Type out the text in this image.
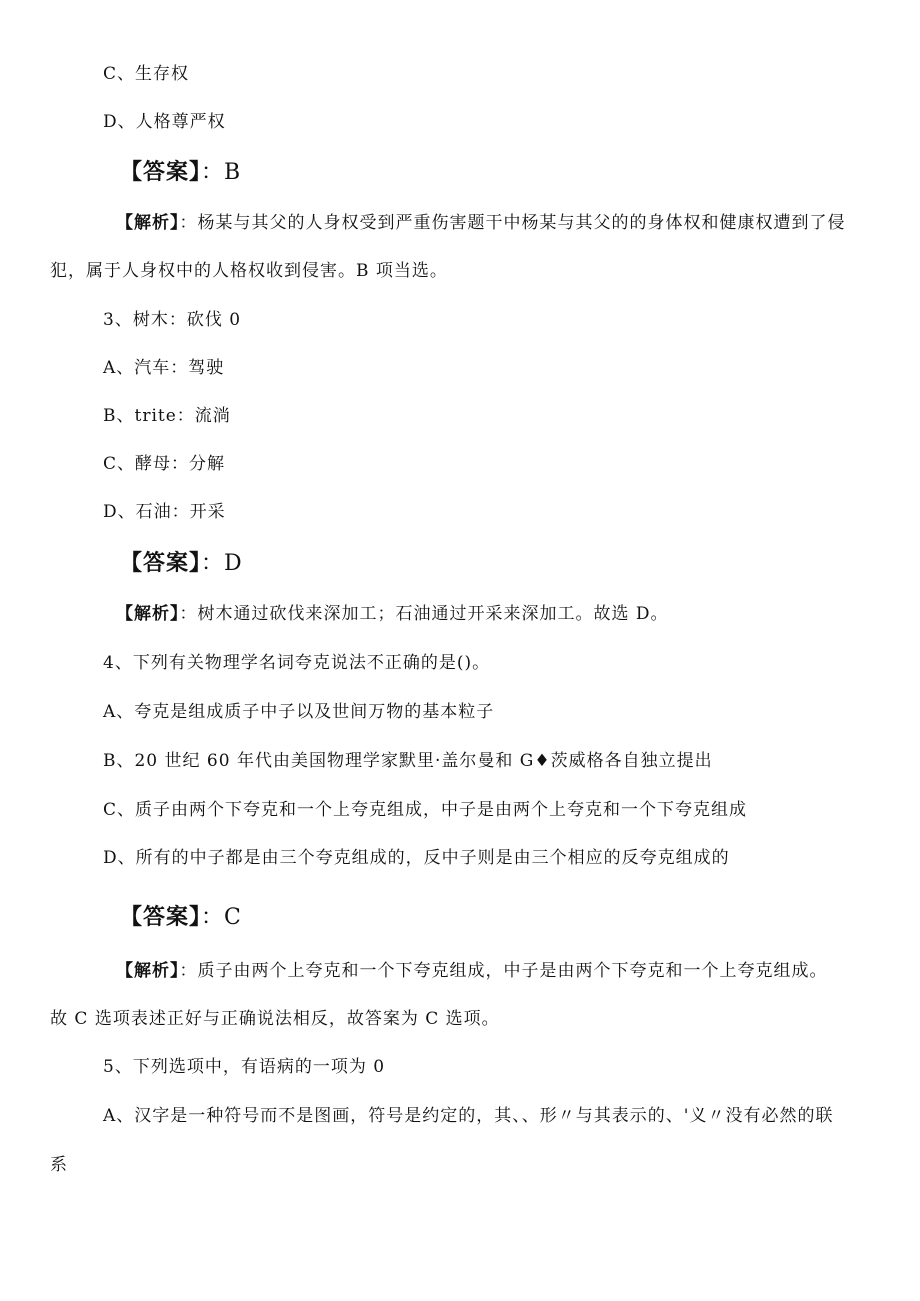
C、生存权
D、人格尊严权
【答案】：B
【解析】：杨某与其父的人身权受到严重伤害题干中杨某与其父的的身体权和健康权遭到了侵
犯，属于人身权中的人格权收到侵害。B 项当选。
3、树木：砍伐 0
A、汽车：驾驶
B、trite：流淌
C、酵母：分解
D、石油：开采
【答案】：D
【解析】：树木通过砍伐来深加工；石油通过开采来深加工。故选 D。
4、下列有关物理学名词夸克说法不正确的是()。
A、夸克是组成质子中子以及世间万物的基本粒子
B、20 世纪 60 年代由美国物理学家默里·盖尔曼和 G♦茨威格各自独立提出
C、质子由两个下夸克和一个上夸克组成，中子是由两个上夸克和一个下夸克组成
D、所有的中子都是由三个夸克组成的，反中子则是由三个相应的反夸克组成的
【答案】：C
【解析】：质子由两个上夸克和一个下夸克组成，中子是由两个下夸克和一个上夸克组成。
故 C 选项表述正好与正确说法相反，故答案为 C 选项。
5、下列选项中，有语病的一项为 0
A、汉字是一种符号而不是图画，符号是约定的，其、、形〃与其表示的、'义〃没有必然的联
系
